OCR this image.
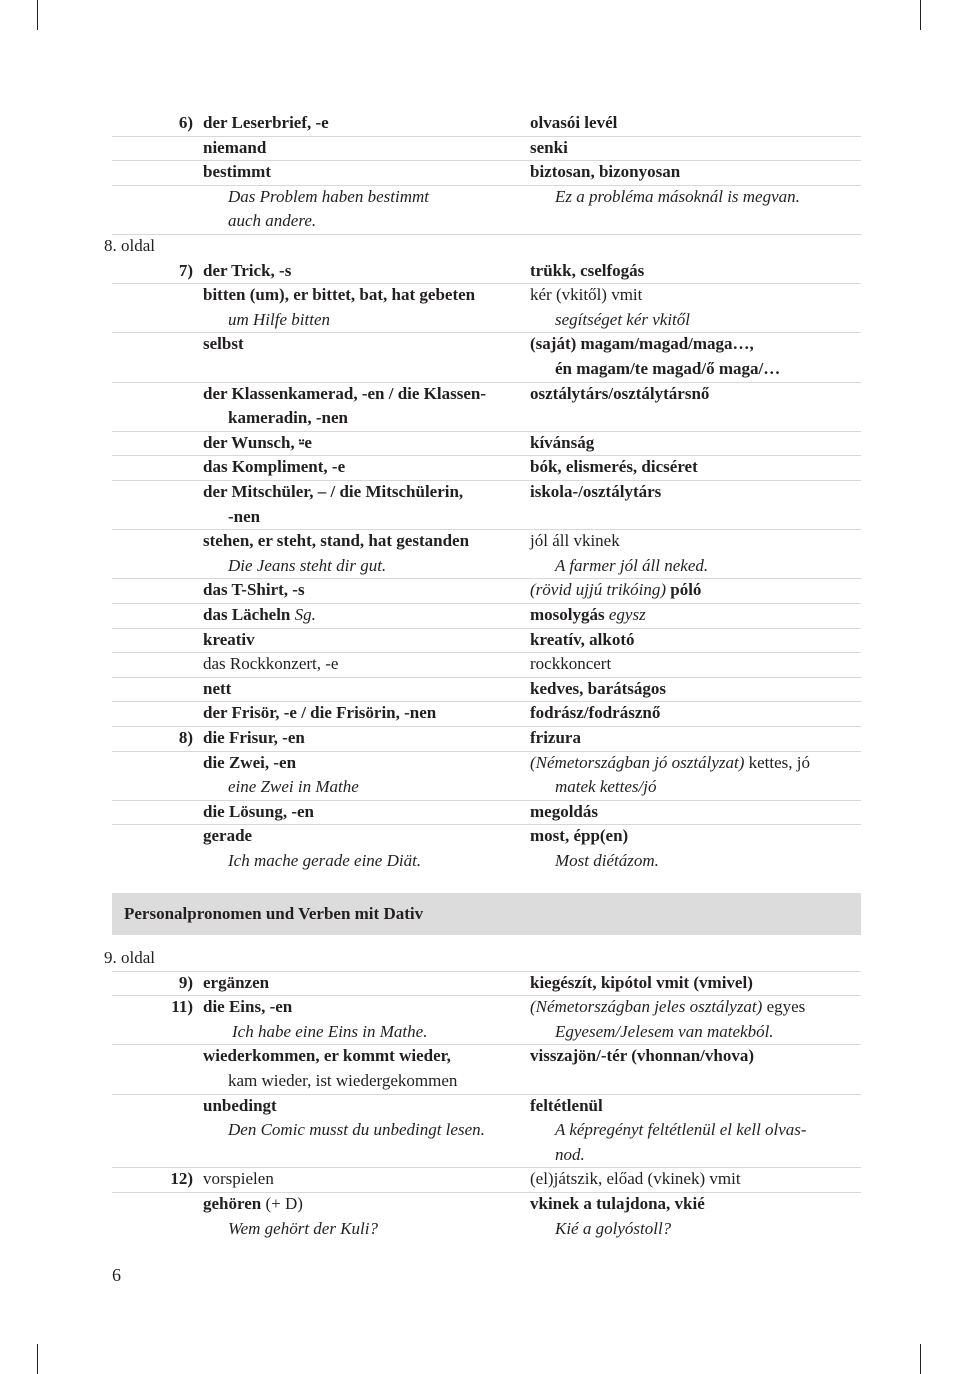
6) der Leserbrief, -e	olvasói levél
niemand	senki
bestimmt	biztosan, bizonyosan
Das Problem haben bestimmt	Ez a probléma másoknál is megvan.
auch andere.
8. oldal
7) der Trick, -s	trükk, cselfogás
bitten (um), er bittet, bat, hat gebeten	kér (vkitől) vmit
um Hilfe bitten	segítséget kér vkitől
selbst	(saját) magam/magad/maga…,
én magam/te magad/ő maga/…
der Klassenkamerad, -en / die Klassen-	osztálytárs/osztálytársnő
kameradin, -nen
der Wunsch, ⸚e	kívánság
das Kompliment, -e	bók, elismerés, dicséret
der Mitschüler, – / die Mitschülerin,	iskola-/osztálytárs
-nen
stehen, er steht, stand, hat gestanden	jól áll vkinek
Die Jeans steht dir gut.	A farmer jól áll neked.
das T-Shirt, -s	(rövid ujjú trikóing) póló
das Lächeln Sg.	mosolygás egysz
kreativ	kreatív, alkotó
das Rockkonzert, -e	rockkoncert
nett	kedves, barátságos
der Frisör, -e / die Frisörin, -nen	fodrász/fodrásznő
8) die Frisur, -en	frizura
die Zwei, -en	(Németországban jó osztályzat) kettes, jó
eine Zwei in Mathe	matek kettes/jó
die Lösung, -en	megoldás
gerade	most, épp(en)
Ich mache gerade eine Diät.	Most diétázom.
Personalpronomen und Verben mit Dativ
9. oldal
9) ergänzen	kiegészít, kipótol vmit (vmivel)
11) die Eins, -en	(Németországban jeles osztályzat) egyes
Ich habe eine Eins in Mathe.	Egyesem/Jelesem van matekból.
wiederkommen, er kommt wieder,	visszajön/-tér (vhonnan/vhova)
kam wieder, ist wiedergekommen
unbedingt	feltétlenül
Den Comic musst du unbedingt lesen.	A képregényt feltétlenül el kell olvas-
nod.
12) vorspielen	(el)játszik, előad (vkinek) vmit
gehören (+ D)	vkinek a tulajdona, vkié
Wem gehört der Kuli?	Kié a golyóstoll?
6
